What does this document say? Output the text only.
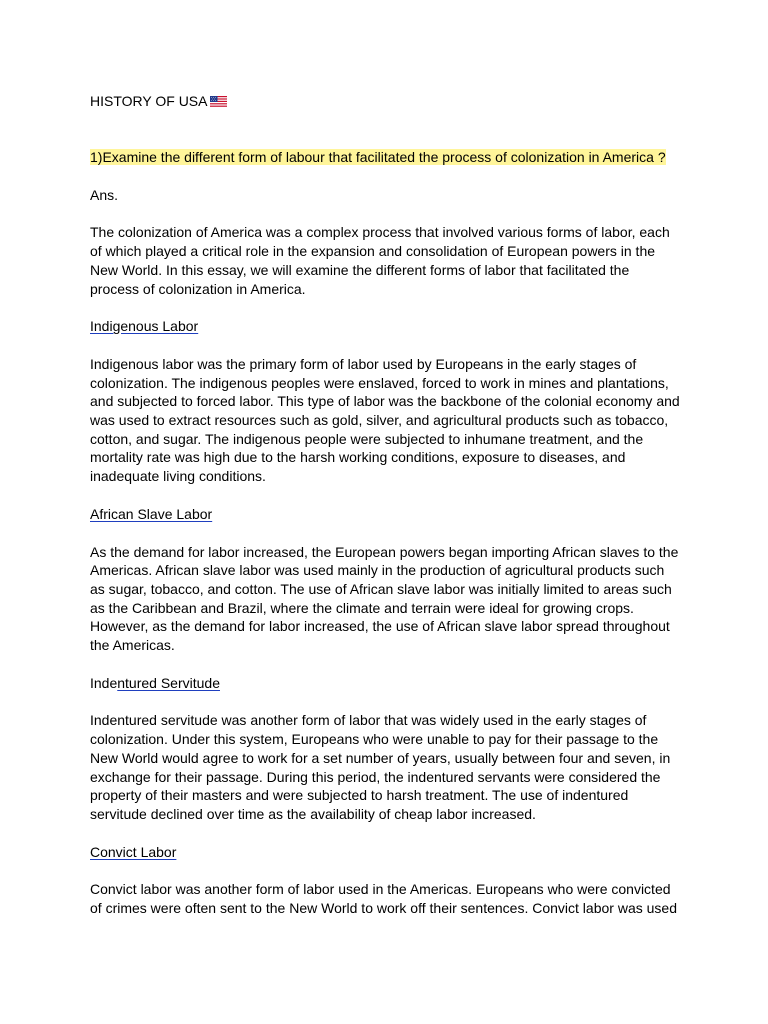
HISTORY OF USA
1)Examine the different form of labour that facilitated the process of colonization in America ?
Ans.

The colonization of America was a complex process that involved various forms of labor, each of which played a critical role in the expansion and consolidation of European powers in the New World. In this essay, we will examine the different forms of labor that facilitated the process of colonization in America.

Indigenous Labor

Indigenous labor was the primary form of labor used by Europeans in the early stages of colonization. The indigenous peoples were enslaved, forced to work in mines and plantations, and subjected to forced labor. This type of labor was the backbone of the colonial economy and was used to extract resources such as gold, silver, and agricultural products such as tobacco, cotton, and sugar. The indigenous people were subjected to inhumane treatment, and the mortality rate was high due to the harsh working conditions, exposure to diseases, and inadequate living conditions.

African Slave Labor

As the demand for labor increased, the European powers began importing African slaves to the Americas. African slave labor was used mainly in the production of agricultural products such as sugar, tobacco, and cotton. The use of African slave labor was initially limited to areas such as the Caribbean and Brazil, where the climate and terrain were ideal for growing crops. However, as the demand for labor increased, the use of African slave labor spread throughout the Americas.

Indentured Servitude

Indentured servitude was another form of labor that was widely used in the early stages of colonization. Under this system, Europeans who were unable to pay for their passage to the New World would agree to work for a set number of years, usually between four and seven, in exchange for their passage. During this period, the indentured servants were considered the property of their masters and were subjected to harsh treatment. The use of indentured servitude declined over time as the availability of cheap labor increased.

Convict Labor

Convict labor was another form of labor used in the Americas. Europeans who were convicted of crimes were often sent to the New World to work off their sentences. Convict labor was used
